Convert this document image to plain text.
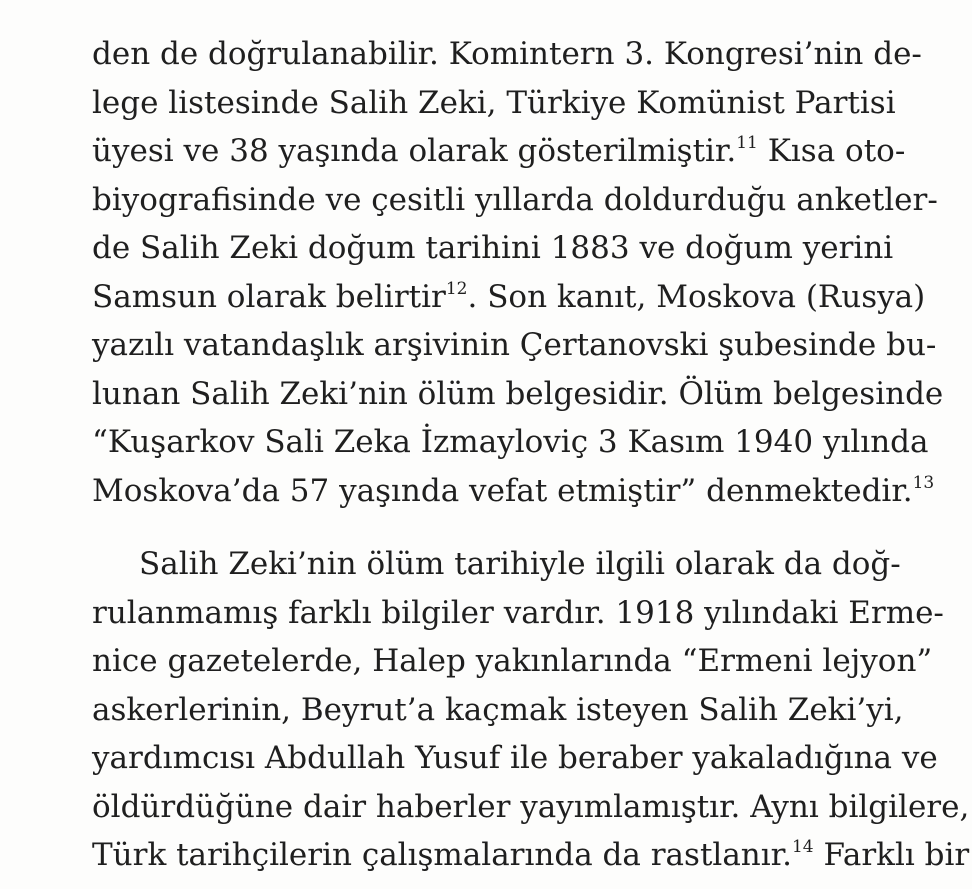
den de doğrulanabilir. Komintern 3. Kongresi’nin de-
lege listesinde Salih Zeki, Türkiye Komünist Partisi
üyesi ve 38 yaşında olarak gösterilmiştir.$^{11}$ Kısa oto-
biyografisinde ve çesitli yıllarda doldurduğu anketler-
de Salih Zeki doğum tarihini 1883 ve doğum yerini
Samsun olarak belirtir$^{12}$. Son kanıt, Moskova (Rusya)
yazılı vatandaşlık arşivinin Çertanovski şubesinde bu-
lunan Salih Zeki’nin ölüm belgesidir. Ölüm belgesinde
“Kuşarkov Sali Zeka İzmayloviç 3 Kasım 1940 yılında
Moskova’da 57 yaşında vefat etmiştir” denmektedir.$^{13}$
Salih Zeki’nin ölüm tarihiyle ilgili olarak da doğ-
rulanmamış farklı bilgiler vardır. 1918 yılındaki Erme-
nice gazetelerde, Halep yakınlarında “Ermeni lejyon”
askerlerinin, Beyrut’a kaçmak isteyen Salih Zeki’yi,
yardımcısı Abdullah Yusuf ile beraber yakaladığına ve
öldürdüğüne dair haberler yayımlamıştır. Aynı bilgilere,
Türk tarihçilerin çalışmalarında da rastlanır.$^{14}$ Farklı bir
